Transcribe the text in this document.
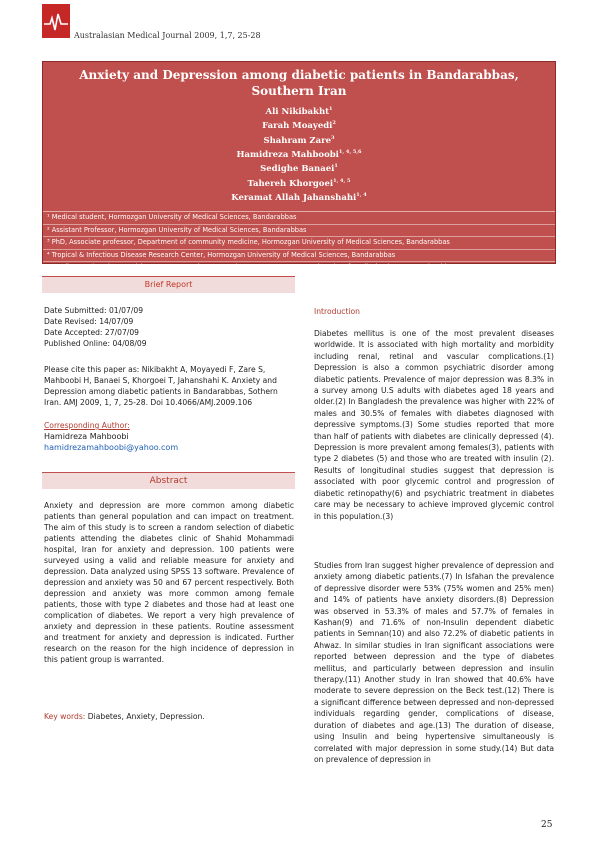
Australasian Medical Journal 2009, 1,7, 25-28
Anxiety and Depression among diabetic patients in Bandarabbas, Southern Iran
Ali Nikibakht$^1$
Farah Moayedi$^2$
Shahram Zare$^3$
Hamidreza Mahboobi$^{1, 4, 5,6}$
Sedighe Banaei$^1$
Tahereh Khorgoei$^{1, 4, 5}$
Keramat Allah Jahanshahi$^{1, 4}$
¹ Medical student, Hormozgan University of Medical Sciences, Bandarabbas
² Assistant Professor, Hormozgan University of Medical Sciences, Bandarabbas
³ PhD, Associate professor, Department of community medicine, Hormozgan University of Medical Sciences, Bandarabbas
⁴ Tropical & Infectious Disease Research Center, Hormozgan University of Medical Sciences, Bandarabbas
⁵ Cardiovascular Disease Risk Factors Prevention Research Center, Hormozgan University of Medical Sciences, Bandarabbas
Brief Report
Date Submitted: 01/07/09
Date Revised: 14/07/09
Date Accepted: 27/07/09
Published Online: 04/08/09
Please cite this paper as: Nikibakht A, Moyayedi F, Zare S, Mahboobi H, Banaei S, Khorgoei T, Jahanshahi K. Anxiety and Depression among diabetic patients in Bandarabbas, Sothern Iran. AMJ 2009, 1, 7, 25-28. Doi 10.4066/AMJ.2009.106
Corresponding Author:
Hamidreza Mahboobi
hamidrezamahboobi@yahoo.com
Abstract
Anxiety and depression are more common among diabetic patients than general population and can impact on treatment. The aim of this study is to screen a random selection of diabetic patients attending the diabetes clinic of Shahid Mohammadi hospital, Iran for anxiety and depression. 100 patients were surveyed using a valid and reliable measure for anxiety and depression. Data analyzed using SPSS 13 software. Prevalence of depression and anxiety was 50 and 67 percent respectively. Both depression and anxiety was more common among female patients, those with type 2 diabetes and those had at least one complication of diabetes. We report a very high prevalence of anxiety and depression in these patients. Routine assessment and treatment for anxiety and depression is indicated. Further research on the reason for the high incidence of depression in this patient group is warranted.
Key words: Diabetes, Anxiety, Depression.
Introduction
Diabetes mellitus is one of the most prevalent diseases worldwide. It is associated with high mortality and morbidity including renal, retinal and vascular complications.(1) Depression is also a common psychiatric disorder among diabetic patients. Prevalence of major depression was 8.3% in a survey among U.S adults with diabetes aged 18 years and older.(2) In Bangladesh the prevalence was higher with 22% of males and 30.5% of females with diabetes diagnosed with depressive symptoms.(3) Some studies reported that more than half of patients with diabetes are clinically depressed (4). Depression is more prevalent among females(3), patients with type 2 diabetes (5) and those who are treated with insulin (2). Results of longitudinal studies suggest that depression is associated with poor glycemic control and progression of diabetic retinopathy(6) and psychiatric treatment in diabetes care may be necessary to achieve improved glycemic control in this population.(3)
Studies from Iran suggest higher prevalence of depression and anxiety among diabetic patients.(7) In Isfahan the prevalence of depressive disorder were 53% (75% women and 25% men) and 14% of patients have anxiety disorders.(8) Depression was observed in 53.3% of males and 57.7% of females in Kashan(9) and 71.6% of non-Insulin dependent diabetic patients in Semnan(10) and also 72.2% of diabetic patients in Ahwaz. In similar studies in Iran significant associations were reported between depression and the type of diabetes mellitus, and particularly between depression and insulin therapy.(11) Another study in Iran showed that 40.6% have moderate to severe depression on the Beck test.(12) There is a significant difference between depressed and non-depressed individuals regarding gender, complications of disease, duration of diabetes and age.(13) The duration of disease, using Insulin and being hypertensive simultaneously is correlated with major depression in some study.(14) But data on prevalence of depression in
25
